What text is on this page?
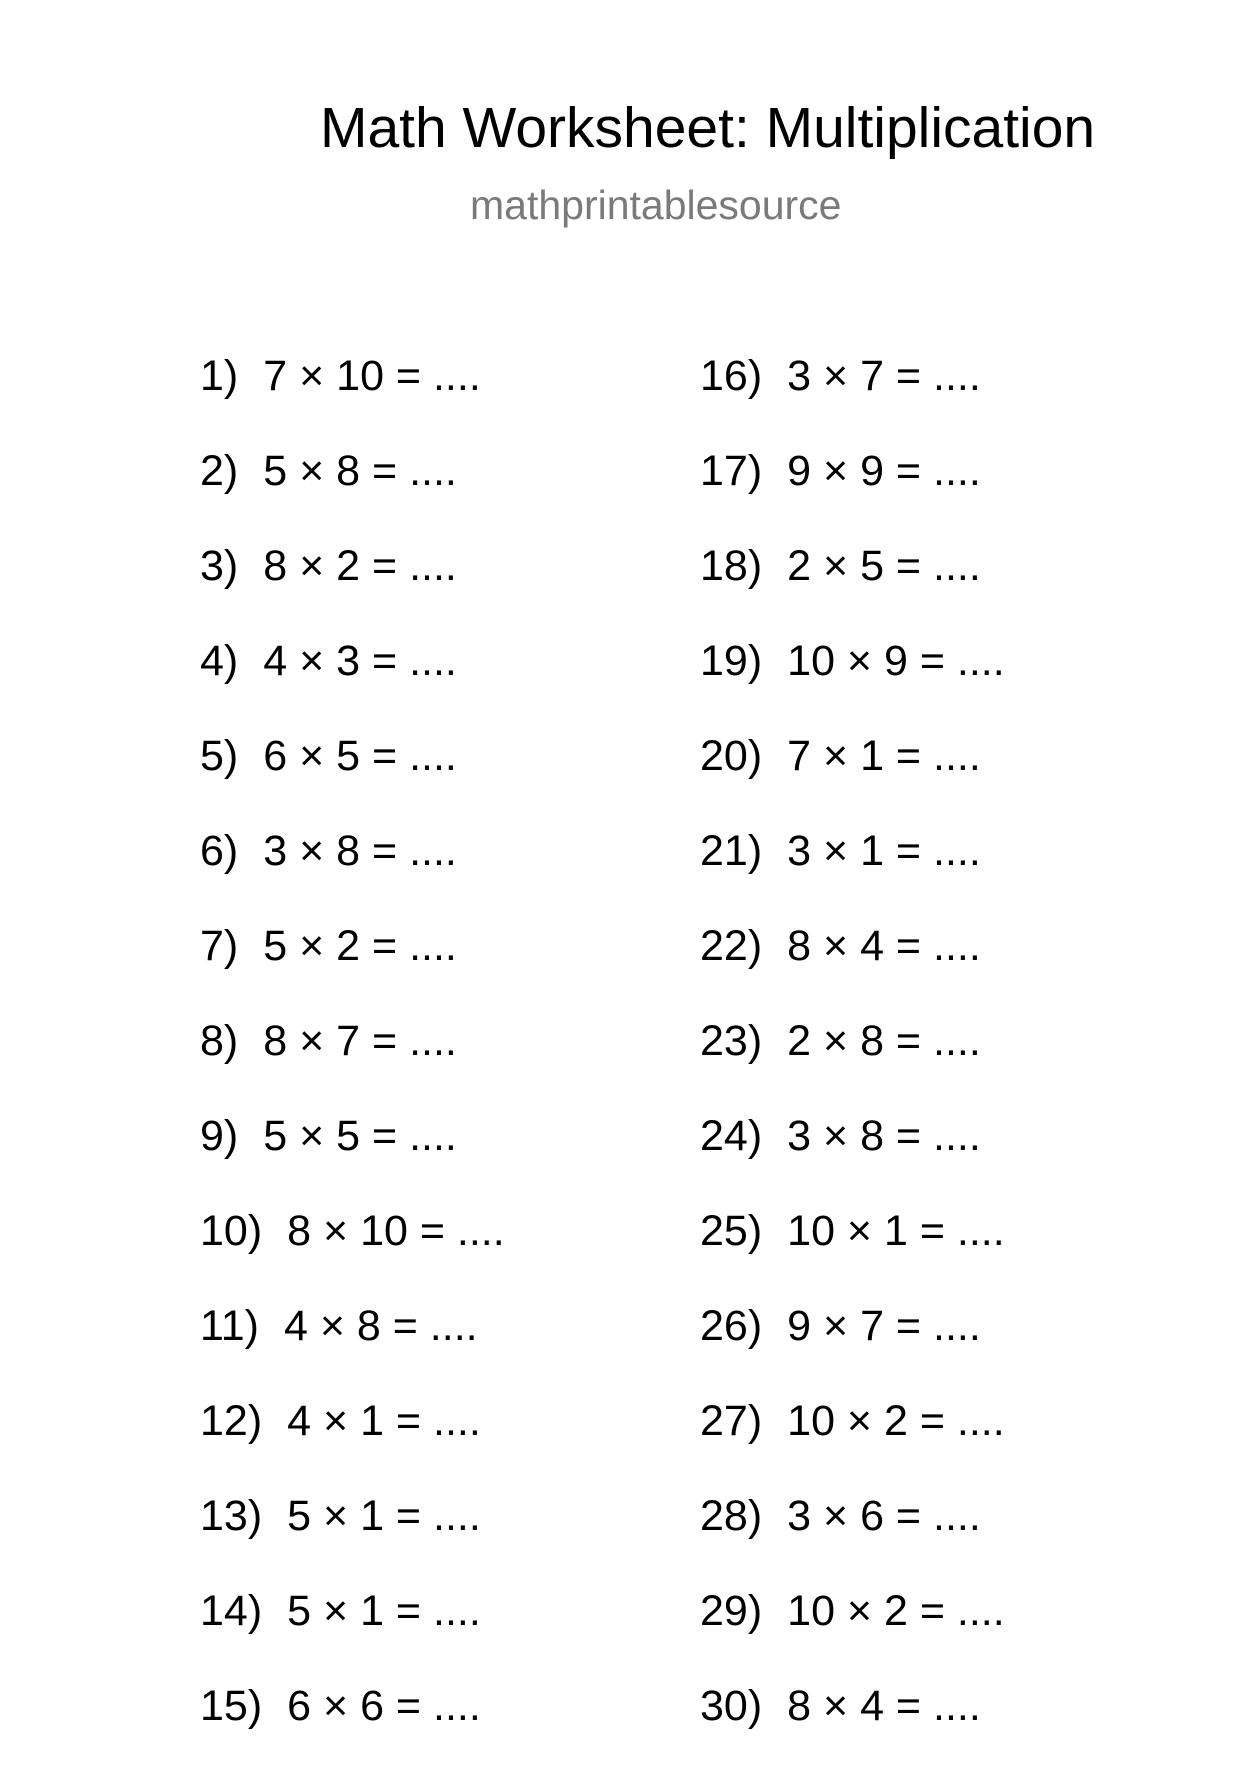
Math Worksheet: Multiplication
mathprintablesource
1) 7 × 10 = ....
2) 5 × 8 = ....
3) 8 × 2 = ....
4) 4 × 3 = ....
5) 6 × 5 = ....
6) 3 × 8 = ....
7) 5 × 2 = ....
8) 8 × 7 = ....
9) 5 × 5 = ....
10) 8 × 10 = ....
11) 4 × 8 = ....
12) 4 × 1 = ....
13) 5 × 1 = ....
14) 5 × 1 = ....
15) 6 × 6 = ....
16) 3 × 7 = ....
17) 9 × 9 = ....
18) 2 × 5 = ....
19) 10 × 9 = ....
20) 7 × 1 = ....
21) 3 × 1 = ....
22) 8 × 4 = ....
23) 2 × 8 = ....
24) 3 × 8 = ....
25) 10 × 1 = ....
26) 9 × 7 = ....
27) 10 × 2 = ....
28) 3 × 6 = ....
29) 10 × 2 = ....
30) 8 × 4 = ....
